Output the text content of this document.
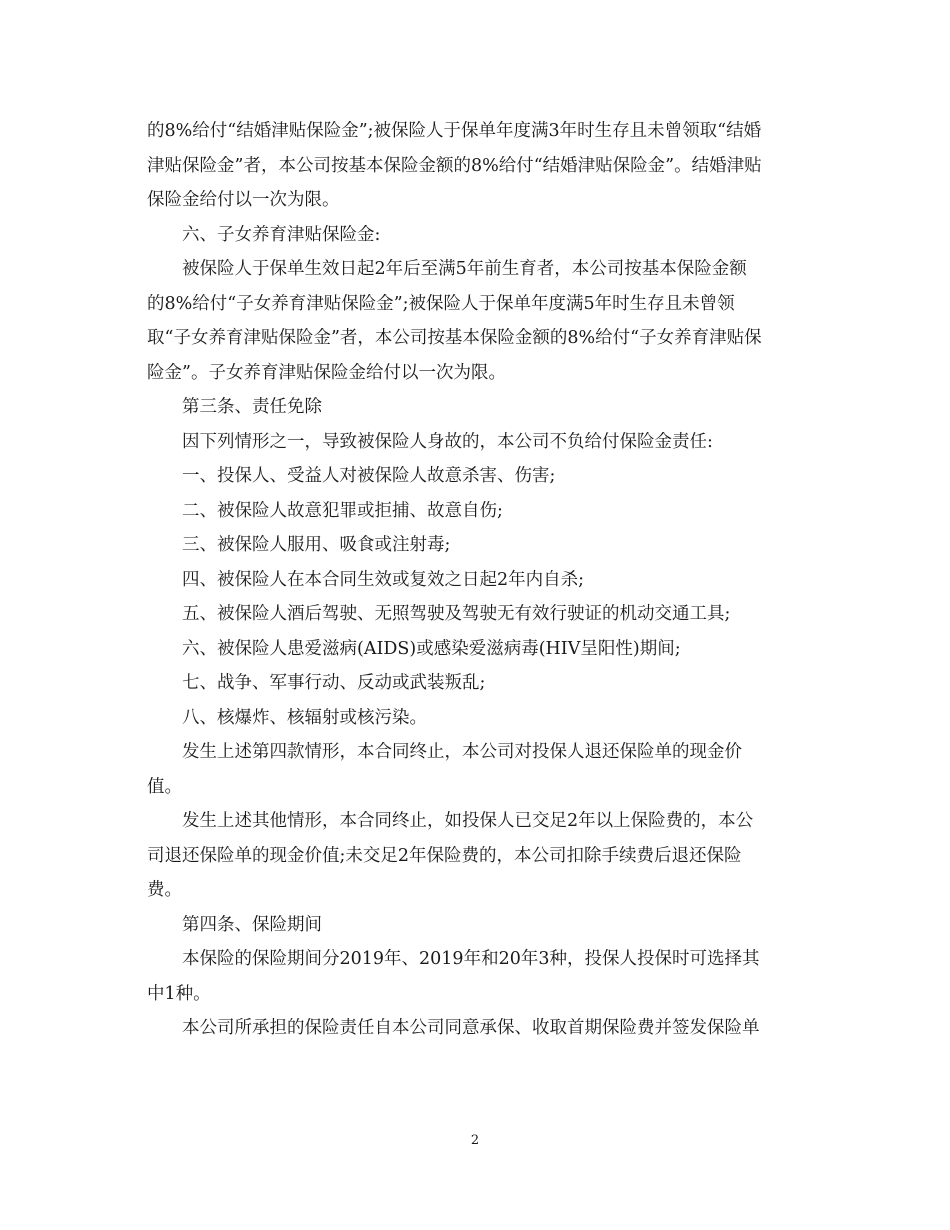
的8%给付“结婚津贴保险金”;被保险人于保单年度满3年时生存且未曾领取“结婚
津贴保险金”者，本公司按基本保险金额的8%给付“结婚津贴保险金”。结婚津贴
保险金给付以一次为限。
六、子女养育津贴保险金:
被保险人于保单生效日起2年后至满5年前生育者，本公司按基本保险金额
的8%给付“子女养育津贴保险金”;被保险人于保单年度满5年时生存且未曾领
取“子女养育津贴保险金”者，本公司按基本保险金额的8%给付“子女养育津贴保
险金”。子女养育津贴保险金给付以一次为限。
第三条、责任免除
因下列情形之一，导致被保险人身故的，本公司不负给付保险金责任:
一、投保人、受益人对被保险人故意杀害、伤害;
二、被保险人故意犯罪或拒捕、故意自伤;
三、被保险人服用、吸食或注射毒;
四、被保险人在本合同生效或复效之日起2年内自杀;
五、被保险人酒后驾驶、无照驾驶及驾驶无有效行驶证的机动交通工具;
六、被保险人患爱滋病(AIDS)或感染爱滋病毒(HIV呈阳性)期间;
七、战争、军事行动、反动或武装叛乱;
八、核爆炸、核辐射或核污染。
发生上述第四款情形，本合同终止，本公司对投保人退还保险单的现金价
值。
发生上述其他情形，本合同终止，如投保人已交足2年以上保险费的，本公
司退还保险单的现金价值;未交足2年保险费的，本公司扣除手续费后退还保险
费。
第四条、保险期间
本保险的保险期间分2019年、2019年和20年3种，投保人投保时可选择其
中1种。
本公司所承担的保险责任自本公司同意承保、收取首期保险费并签发保险单
2
